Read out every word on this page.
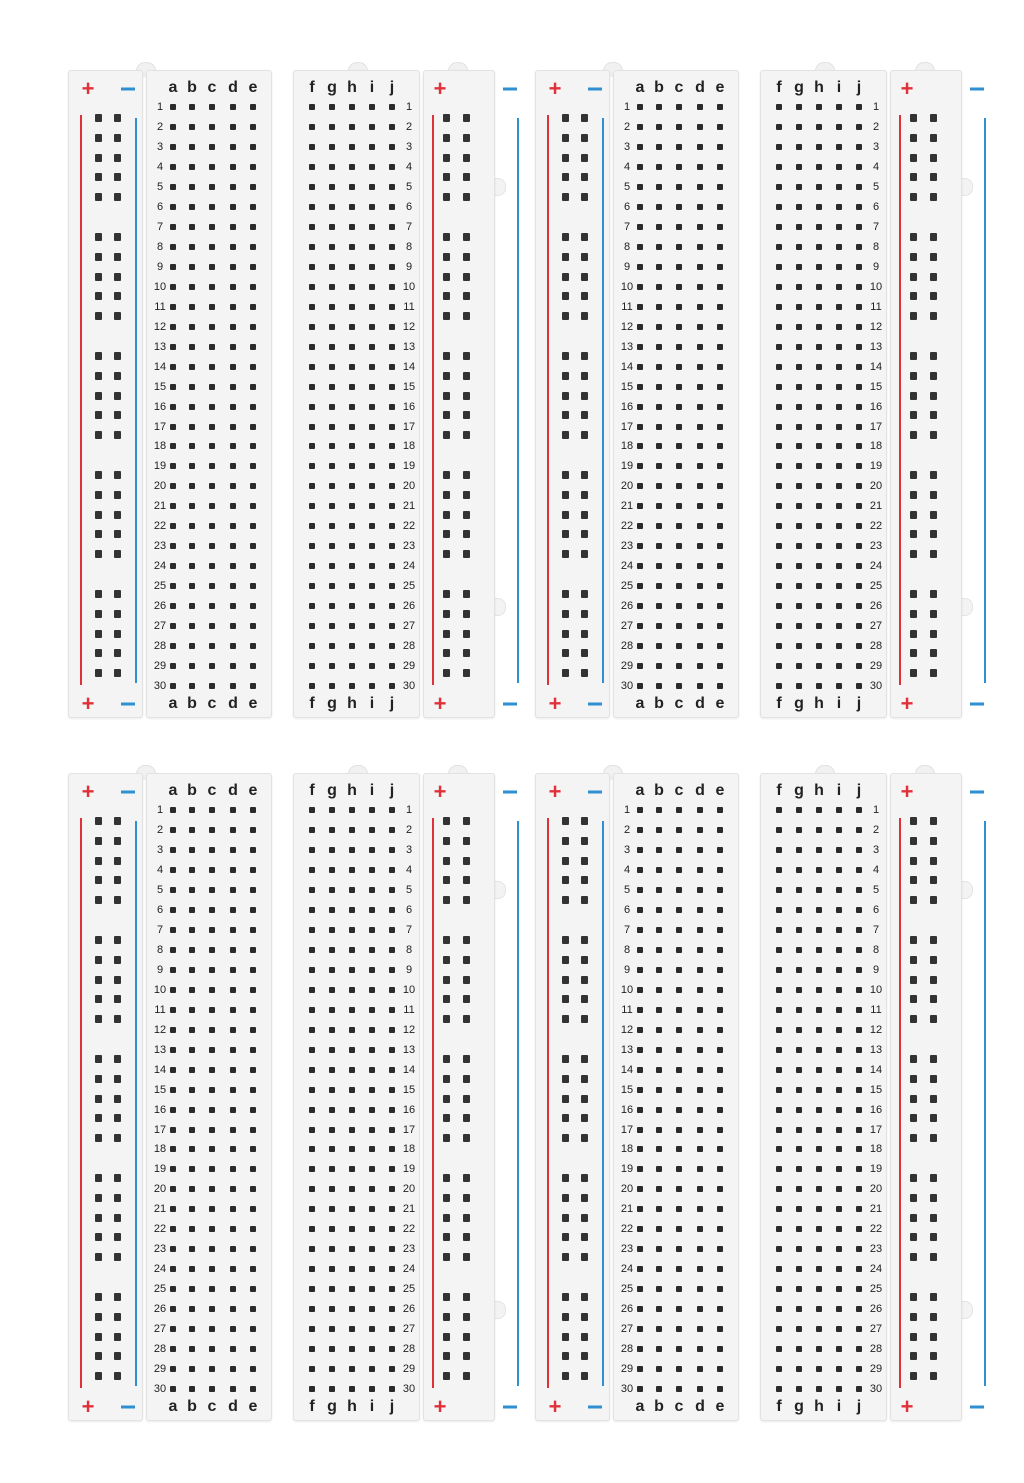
+
+
+
+
a
a
b
b
c
c
d
d
e
e
f
f
g
g
h
h
i
i
j
j
1	1
2	2
3	3
4	4
5	5
6	6
7	7
8	8
9	9
10	10
11	11
12	12
13	13
14	14
15	15
16	16
17	17
18	18
19	19
20	20
21	21
22	22
23	23
24	24
25	25
26	26
27	27
28	28
29	29
30	30
+
+
+
+
a
a
b
b
c
c
d
d
e
e
f
f
g
g
h
h
i
i
j
j
1	1
2	2
3	3
4	4
5	5
6	6
7	7
8	8
9	9
10	10
11	11
12	12
13	13
14	14
15	15
16	16
17	17
18	18
19	19
20	20
21	21
22	22
23	23
24	24
25	25
26	26
27	27
28	28
29	29
30	30
+
+
+
+
a
a
b
b
c
c
d
d
e
e
f
f
g
g
h
h
i
i
j
j
1	1
2	2
3	3
4	4
5	5
6	6
7	7
8	8
9	9
10	10
11	11
12	12
13	13
14	14
15	15
16	16
17	17
18	18
19	19
20	20
21	21
22	22
23	23
24	24
25	25
26	26
27	27
28	28
29	29
30	30
+
+
+
+
a
a
b
b
c
c
d
d
e
e
f
f
g
g
h
h
i
i
j
j
1	1
2	2
3	3
4	4
5	5
6	6
7	7
8	8
9	9
10	10
11	11
12	12
13	13
14	14
15	15
16	16
17	17
18	18
19	19
20	20
21	21
22	22
23	23
24	24
25	25
26	26
27	27
28	28
29	29
30	30
